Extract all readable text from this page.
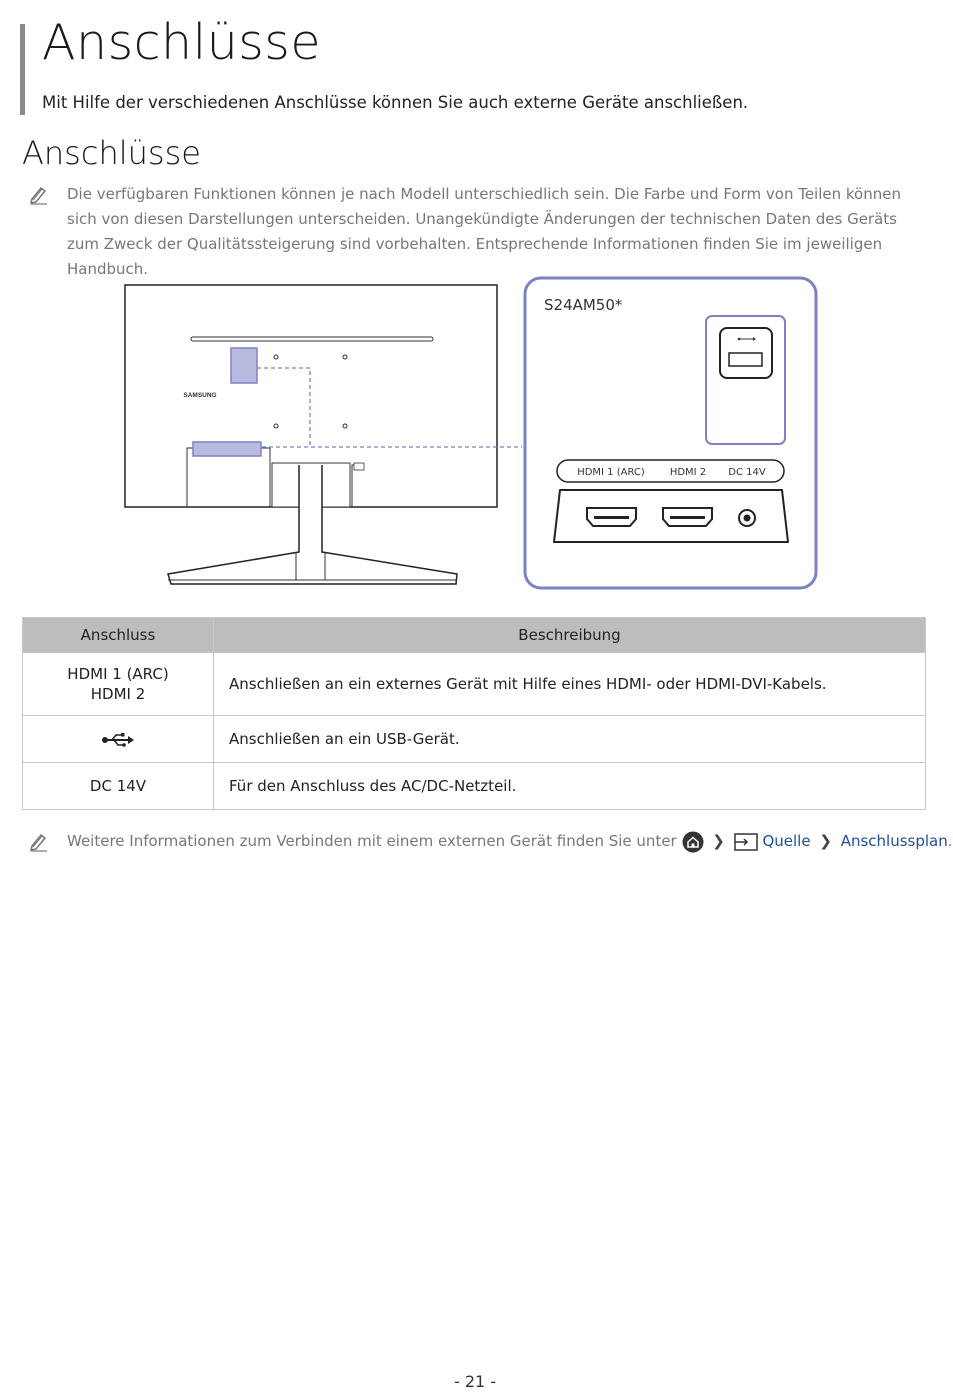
Anschlüsse

Mit Hilfe der verschiedenen Anschlüsse können Sie auch externe Geräte anschließen.

Anschlüsse

Die verfügbaren Funktionen können je nach Modell unterschiedlich sein. Die Farbe und Form von Teilen können sich von diesen Darstellungen unterscheiden. Unangekündigte Änderungen der technischen Daten des Geräts zum Zweck der Qualitätssteigerung sind vorbehalten. Entsprechende Informationen finden Sie im jeweiligen Handbuch.

SAMSUNG
S24AM50*
HDMI 1 (ARC)	HDMI 2 DC 14V
Anschluss	Beschreibung

HDMI 1 (ARC)
HDMI 2	Anschließen an ein externes Gerät mit Hilfe eines HDMI- oder HDMI-DVI-Kabels.
	Anschließen an ein USB-Gerät.

DC 14V	Für den Anschluss des AC/DC-Netzteil.

Weitere Informationen zum Verbinden mit einem externen Gerät finden Sie unter ❯	Quelle ❯ Anschlussplan.

- 21 -
